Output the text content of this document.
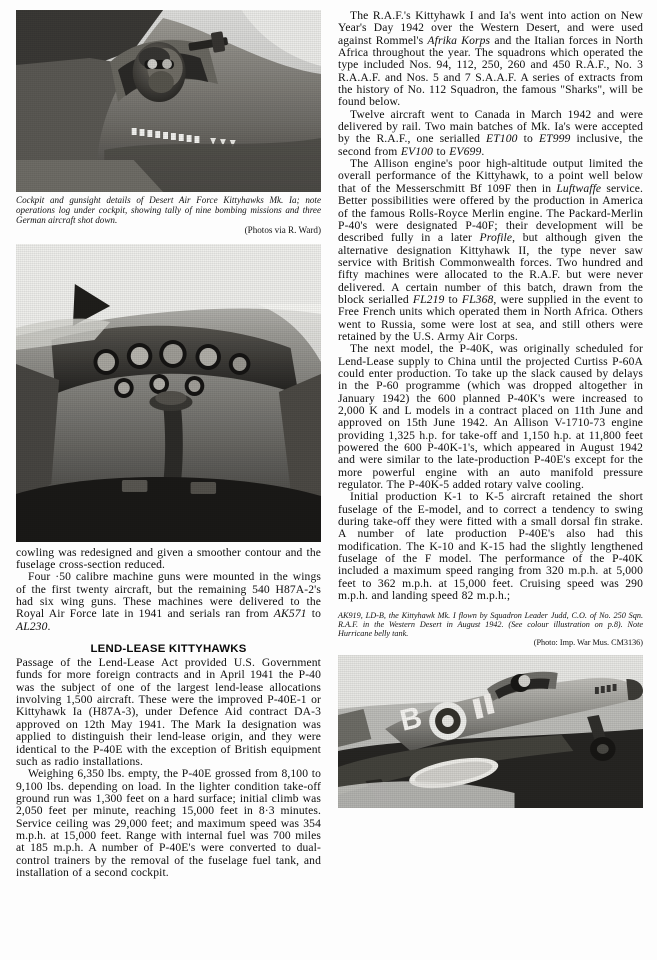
Cockpit and gunsight details of Desert Air Force Kittyhawks Mk. Ia; note operations log under cockpit, showing tally of nine bombing missions and three German aircraft shot down.
(Photos via R. Ward)

cowling was redesigned and given a smoother contour and the fuselage cross-section reduced.

Four ·50 calibre machine guns were mounted in the wings of the first twenty aircraft, but the remaining 540 H87A-2's had six wing guns. These machines were delivered to the Royal Air Force late in 1941 and serials ran from AK571 to AL230.

LEND-LEASE KITTYHAWKS

Passage of the Lend-Lease Act provided U.S. Government funds for more foreign contracts and in April 1941 the P-40 was the subject of one of the largest lend-lease allocations involving 1,500 aircraft. These were the improved P-40E-1 or Kittyhawk Ia (H87A-3), under Defence Aid contract DA-3 approved on 12th May 1941. The Mark Ia designation was applied to distinguish their lend-lease origin, and they were identical to the P-40E with the exception of British equipment such as radio installations.

Weighing 6,350 lbs. empty, the P-40E grossed from 8,100 to 9,100 lbs. depending on load. In the lighter condition take-off ground run was 1,300 feet on a hard surface; initial climb was 2,050 feet per minute, reaching 15,000 feet in 8·3 minutes. Service ceiling was 29,000 feet; and maximum speed was 354 m.p.h. at 15,000 feet. Range with internal fuel was 700 miles at 185 m.p.h. A number of P-40E's were converted to dual-control trainers by the removal of the fuselage fuel tank, and installation of a second cockpit.

The R.A.F.'s Kittyhawk I and Ia's went into action on New Year's Day 1942 over the Western Desert, and were used against Rommel's Afrika Korps and the Italian forces in North Africa throughout the year. The squadrons which operated the type included Nos. 94, 112, 250, 260 and 450 R.A.F., No. 3 R.A.A.F. and Nos. 5 and 7 S.A.A.F. A series of extracts from the history of No. 112 Squadron, the famous "Sharks", will be found below.

Twelve aircraft went to Canada in March 1942 and were delivered by rail. Two main batches of Mk. Ia's were accepted by the R.A.F., one serialled ET100 to ET999 inclusive, the second from EV100 to EV699.

The Allison engine's poor high-altitude output limited the overall performance of the Kittyhawk, to a point well below that of the Messerschmitt Bf 109F then in Luftwaffe service. Better possibilities were offered by the production in America of the famous Rolls-Royce Merlin engine. The Packard-Merlin P-40's were designated P-40F; their development will be described fully in a later Profile, but although given the alternative designation Kittyhawk II, the type never saw service with British Commonwealth forces. Two hundred and fifty machines were allocated to the R.A.F. but were never delivered. A certain number of this batch, drawn from the block serialled FL219 to FL368, were supplied in the event to Free French units which operated them in North Africa. Others went to Russia, some were lost at sea, and still others were retained by the U.S. Army Air Corps.

The next model, the P-40K, was originally scheduled for Lend-Lease supply to China until the projected Curtiss P-60A could enter production. To take up the slack caused by delays in the P-60 programme (which was dropped altogether in January 1942) the 600 planned P-40K's were increased to 2,000 K and L models in a contract placed on 11th June and approved on 15th June 1942. An Allison V-1710-73 engine providing 1,325 h.p. for take-off and 1,150 h.p. at 11,800 feet powered the 600 P-40K-1's, which appeared in August 1942 and were similar to the late-production P-40E's except for the more powerful engine with an auto manifold pressure regulator. The P-40K-5 added rotary valve cooling.

Initial production K-1 to K-5 aircraft retained the short fuselage of the E-model, and to correct a tendency to swing during take-off they were fitted with a small dorsal fin strake. A number of late production P-40E's also had this modification. The K-10 and K-15 had the slightly lengthened fuselage of the F model. The performance of the P-40K included a maximum speed ranging from 320 m.p.h. at 5,000 feet to 362 m.p.h. at 15,000 feet. Cruising speed was 290 m.p.h. and landing speed 82 m.p.h.;

AK919, LD-B, the Kittyhawk Mk. I flown by Squadron Leader Judd, C.O. of No. 250 Sqn. R.A.F. in the Western Desert in August 1942. (See colour illustration on p.8). Note Hurricane belly tank.
(Photo: Imp. War Mus. CM3136)
